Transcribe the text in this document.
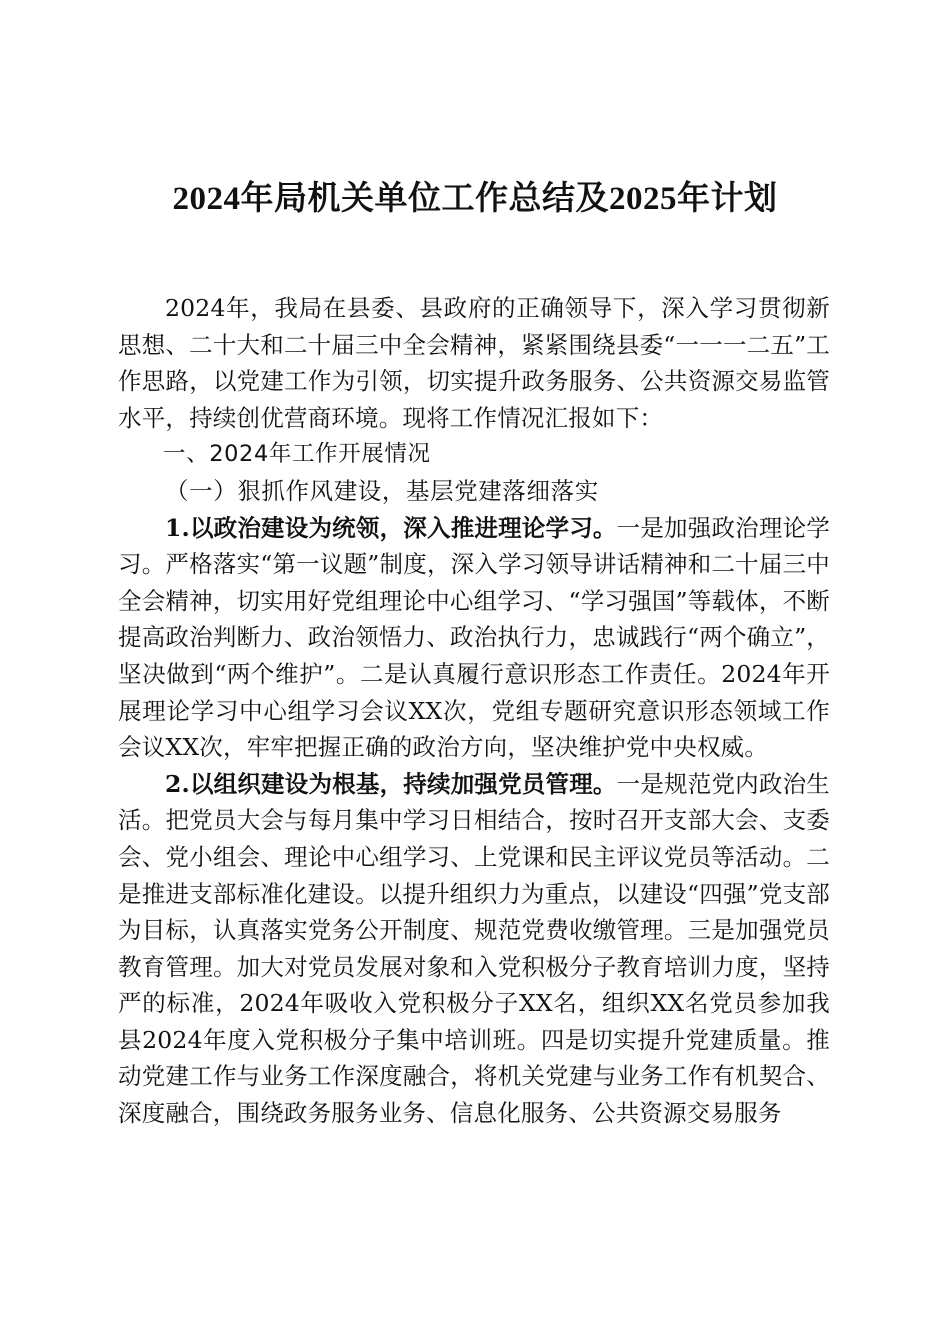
2024年局机关单位工作总结及2025年计划

2024年，我局在县委、县政府的正确领导下，深入学习贯彻新思想、二十大和二十届三中全会精神，紧紧围绕县委“一一一二五”工作思路，以党建工作为引领，切实提升政务服务、公共资源交易监管水平，持续创优营商环境。现将工作情况汇报如下：

一、2024年工作开展情况

（一）狠抓作风建设，基层党建落细落实

1.以政治建设为统领，深入推进理论学习。一是加强政治理论学习。严格落实“第一议题”制度，深入学习领导讲话精神和二十届三中全会精神，切实用好党组理论中心组学习、“学习强国”等载体，不断提高政治判断力、政治领悟力、政治执行力，忠诚践行“两个确立”，坚决做到“两个维护”。二是认真履行意识形态工作责任。2024年开展理论学习中心组学习会议XX次，党组专题研究意识形态领域工作会议XX次，牢牢把握正确的政治方向，坚决维护党中央权威。

2.以组织建设为根基，持续加强党员管理。一是规范党内政治生活。把党员大会与每月集中学习日相结合，按时召开支部大会、支委会、党小组会、理论中心组学习、上党课和民主评议党员等活动。二是推进支部标准化建设。以提升组织力为重点，以建设“四强”党支部为目标，认真落实党务公开制度、规范党费收缴管理。三是加强党员教育管理。加大对党员发展对象和入党积极分子教育培训力度，坚持严的标准，2024年吸收入党积极分子XX名，组织XX名党员参加我县2024年度入党积极分子集中培训班。四是切实提升党建质量。推动党建工作与业务工作深度融合，将机关党建与业务工作有机契合、深度融合，围绕政务服务业务、信息化服务、公共资源交易服务
